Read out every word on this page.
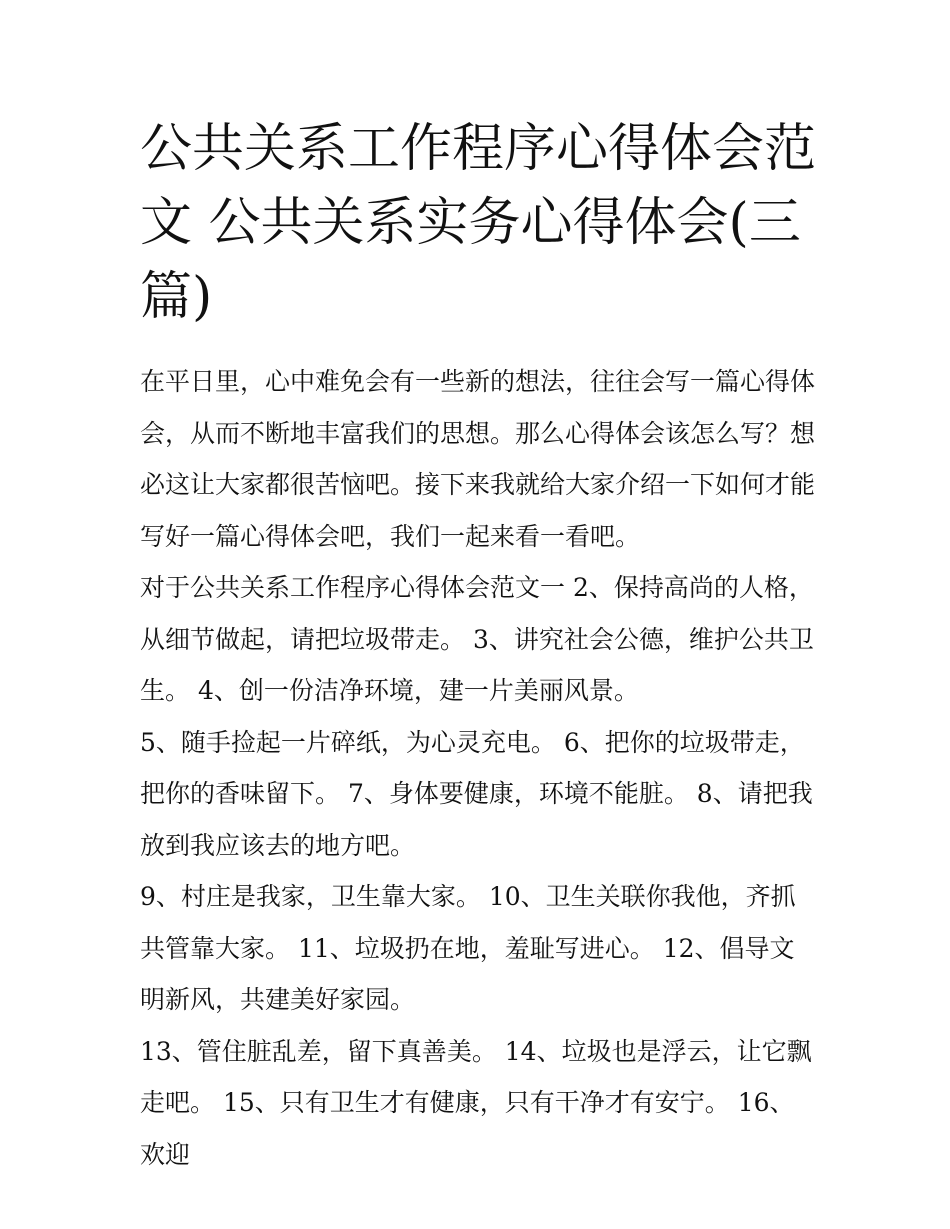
公共关系工作程序心得体会范文 公共关系实务心得体会(三篇)

在平日里，心中难免会有一些新的想法，往往会写一篇心得体会，从而不断地丰富我们的思想。那么心得体会该怎么写？想必这让大家都很苦恼吧。接下来我就给大家介绍一下如何才能写好一篇心得体会吧，我们一起来看一看吧。

对于公共关系工作程序心得体会范文一 2、保持高尚的人格，从细节做起，请把垃圾带走。 3、讲究社会公德，维护公共卫生。 4、创一份洁净环境，建一片美丽风景。

5、随手捡起一片碎纸，为心灵充电。 6、把你的垃圾带走，把你的香味留下。 7、身体要健康，环境不能脏。 8、请把我放到我应该去的地方吧。

9、村庄是我家，卫生靠大家。 10、卫生关联你我他，齐抓共管靠大家。 11、垃圾扔在地，羞耻写进心。 12、倡导文明新风，共建美好家园。

13、管住脏乱差，留下真善美。 14、垃圾也是浮云，让它飘走吧。 15、只有卫生才有健康，只有干净才有安宁。 16、欢迎
